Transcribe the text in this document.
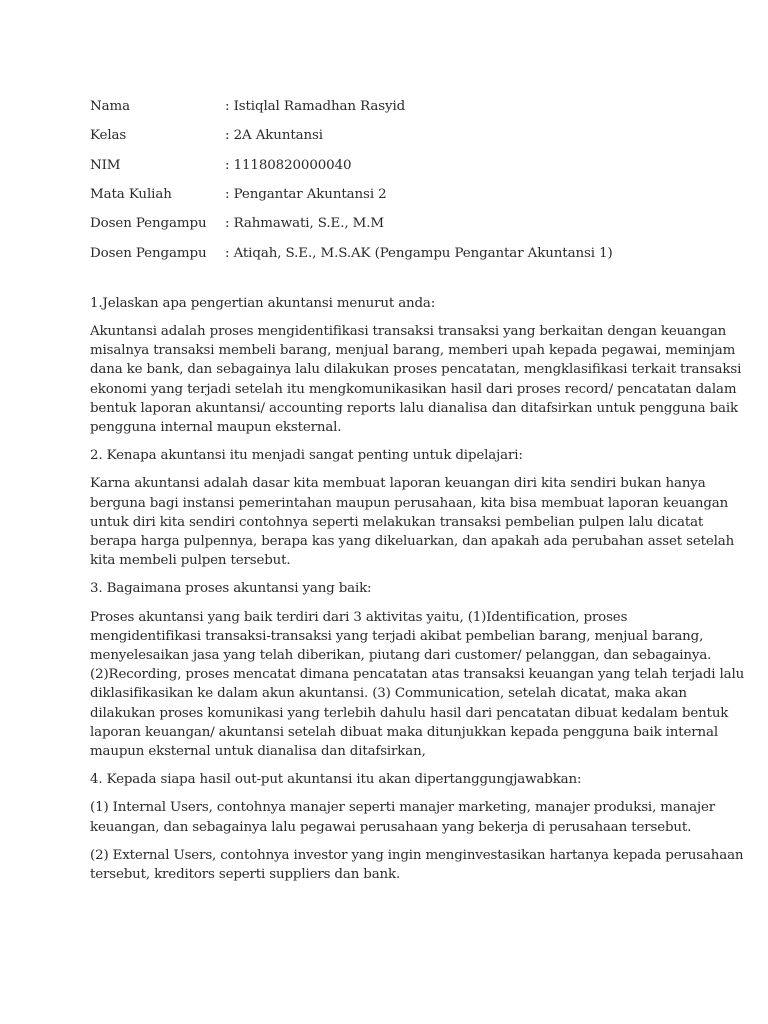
Nama	: Istiqlal Ramadhan Rasyid
Kelas	: 2A Akuntansi
NIM	: 11180820000040
Mata Kuliah	: Pengantar Akuntansi 2
Dosen Pengampu	: Rahmawati, S.E., M.M
Dosen Pengampu	: Atiqah, S.E., M.S.AK (Pengampu Pengantar Akuntansi 1)

1.Jelaskan apa pengertian akuntansi menurut anda:

Akuntansi adalah proses mengidentifikasi transaksi transaksi yang berkaitan dengan keuangan
misalnya transaksi membeli barang, menjual barang, memberi upah kepada pegawai, meminjam
dana ke bank, dan sebagainya lalu dilakukan proses pencatatan, mengklasifikasi terkait transaksi
ekonomi yang terjadi setelah itu mengkomunikasikan hasil dari proses record/ pencatatan dalam
bentuk laporan akuntansi/ accounting reports lalu dianalisa dan ditafsirkan untuk pengguna baik
pengguna internal maupun eksternal.

2. Kenapa akuntansi itu menjadi sangat penting untuk dipelajari:

Karna akuntansi adalah dasar kita membuat laporan keuangan diri kita sendiri bukan hanya
berguna bagi instansi pemerintahan maupun perusahaan, kita bisa membuat laporan keuangan
untuk diri kita sendiri contohnya seperti melakukan transaksi pembelian pulpen lalu dicatat
berapa harga pulpennya, berapa kas yang dikeluarkan, dan apakah ada perubahan asset setelah
kita membeli pulpen tersebut.

3. Bagaimana proses akuntansi yang baik:

Proses akuntansi yang baik terdiri dari 3 aktivitas yaitu, (1)Identification, proses
mengidentifikasi transaksi-transaksi yang terjadi akibat pembelian barang, menjual barang,
menyelesaikan jasa yang telah diberikan, piutang dari customer/ pelanggan, dan sebagainya.
(2)Recording, proses mencatat dimana pencatatan atas transaksi keuangan yang telah terjadi lalu
diklasifikasikan ke dalam akun akuntansi. (3) Communication, setelah dicatat, maka akan
dilakukan proses komunikasi yang terlebih dahulu hasil dari pencatatan dibuat kedalam bentuk
laporan keuangan/ akuntansi setelah dibuat maka ditunjukkan kepada pengguna baik internal
maupun eksternal untuk dianalisa dan ditafsirkan,

4. Kepada siapa hasil out-put akuntansi itu akan dipertanggungjawabkan:

(1) Internal Users, contohnya manajer seperti manajer marketing, manajer produksi, manajer
keuangan, dan sebagainya lalu pegawai perusahaan yang bekerja di perusahaan tersebut.

(2) External Users, contohnya investor yang ingin menginvestasikan hartanya kepada perusahaan
tersebut, kreditors seperti suppliers dan bank.
